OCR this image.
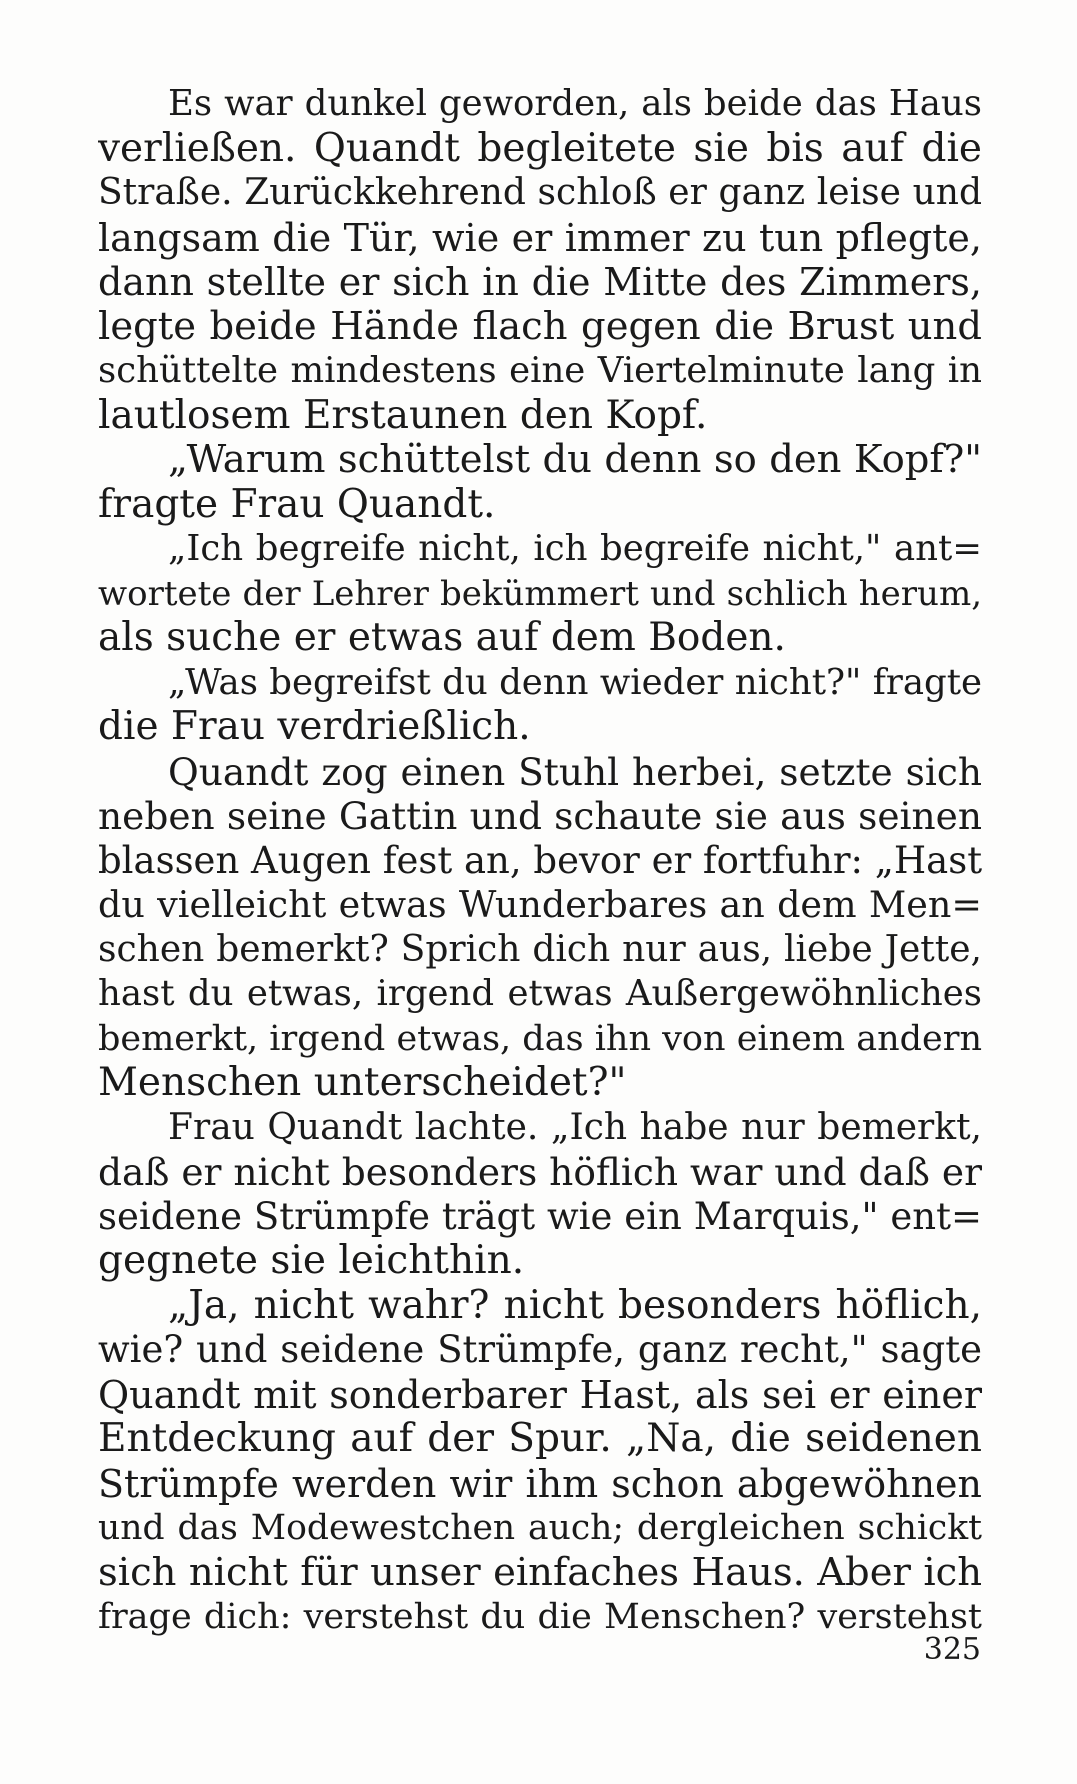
Es war dunkel geworden, als beide das Haus
verließen. Quandt begleitete sie bis auf die
Straße. Zurückkehrend schloß er ganz leise und
langsam die Tür, wie er immer zu tun pflegte,
dann stellte er sich in die Mitte des Zimmers,
legte beide Hände flach gegen die Brust und
schüttelte mindestens eine Viertelminute lang in
lautlosem Erstaunen den Kopf.
„Warum schüttelst du denn so den Kopf?"
fragte Frau Quandt.
„Ich begreife nicht, ich begreife nicht," ant=
wortete der Lehrer bekümmert und schlich herum,
als suche er etwas auf dem Boden.
„Was begreifst du denn wieder nicht?" fragte
die Frau verdrießlich.
Quandt zog einen Stuhl herbei, setzte sich
neben seine Gattin und schaute sie aus seinen
blassen Augen fest an, bevor er fortfuhr: „Hast
du vielleicht etwas Wunderbares an dem Men=
schen bemerkt? Sprich dich nur aus, liebe Jette,
hast du etwas, irgend etwas Außergewöhnliches
bemerkt, irgend etwas, das ihn von einem andern
Menschen unterscheidet?"
Frau Quandt lachte. „Ich habe nur bemerkt,
daß er nicht besonders höflich war und daß er
seidene Strümpfe trägt wie ein Marquis," ent=
gegnete sie leichthin.
„Ja, nicht wahr? nicht besonders höflich,
wie? und seidene Strümpfe, ganz recht," sagte
Quandt mit sonderbarer Hast, als sei er einer
Entdeckung auf der Spur. „Na, die seidenen
Strümpfe werden wir ihm schon abgewöhnen
und das Modewestchen auch; dergleichen schickt
sich nicht für unser einfaches Haus. Aber ich
frage dich: verstehst du die Menschen? verstehst
325
